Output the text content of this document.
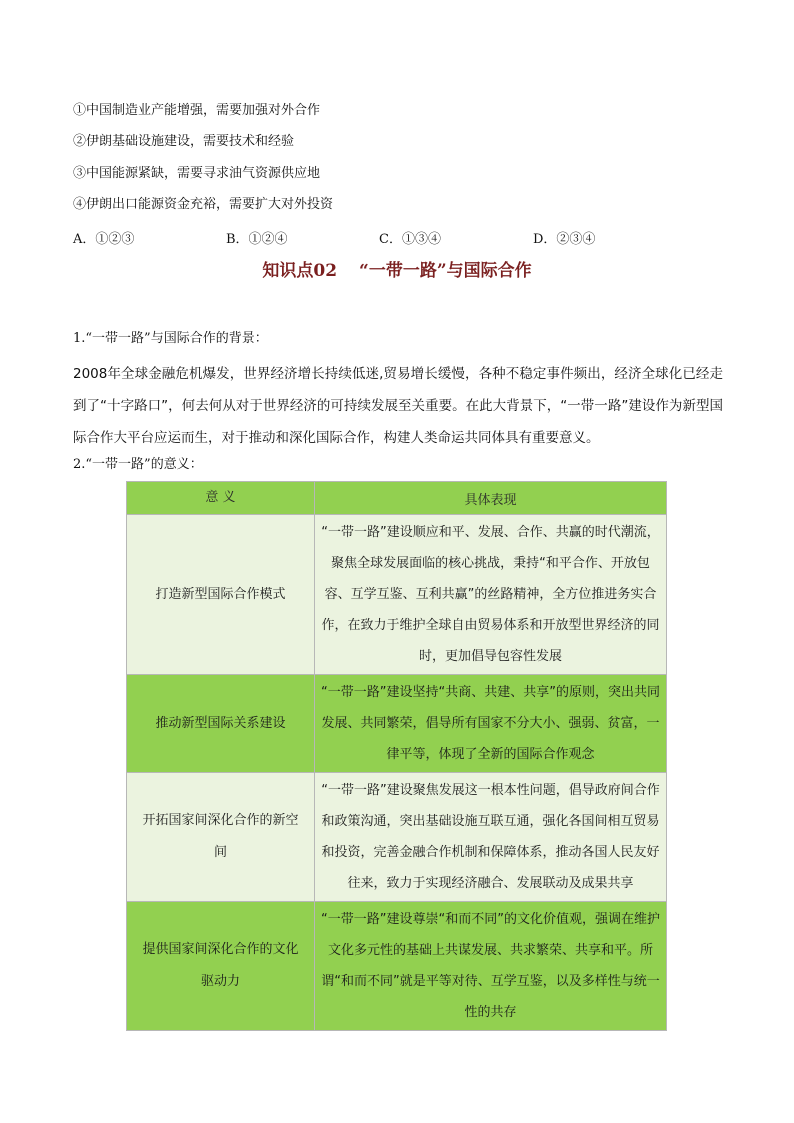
①中国制造业产能增强，需要加强对外合作
②伊朗基础设施建设，需要技术和经验
③中国能源紧缺，需要寻求油气资源供应地
④伊朗出口能源资金充裕，需要扩大对外投资
A．①②③	B．①②④	C．①③④	D．②③④
知识点02 “一带一路”与国际合作
1.“一带一路”与国际合作的背景：
2008年全球金融危机爆发，世界经济增长持续低迷,贸易增长缓慢，各种不稳定事件频出，经济全球化已经走到了“十字路口”，何去何从对于世界经济的可持续发展至关重要。在此大背景下，“一带一路”建设作为新型国际合作大平台应运而生，对于推动和深化国际合作，构建人类命运共同体具有重要意义。
2.“一带一路”的意义：
意 义	具体表现
打造新型国际合作模式	“一带一路”建设顺应和平、发展、合作、共赢的时代潮流，聚焦全球发展面临的核心挑战，秉持“和平合作、开放包容、互学互鉴、互利共赢”的丝路精神，全方位推进务实合作，在致力于维护全球自由贸易体系和开放型世界经济的同时，更加倡导包容性发展
推动新型国际关系建设	“一带一路”建设坚持“共商、共建、共享”的原则，突出共同发展、共同繁荣，倡导所有国家不分大小、强弱、贫富，一律平等，体现了全新的国际合作观念
开拓国家间深化合作的新空间	“一带一路”建设聚焦发展这一根本性问题，倡导政府间合作和政策沟通，突出基础设施互联互通，强化各国间相互贸易和投资，完善金融合作机制和保障体系，推动各国人民友好往来，致力于实现经济融合、发展联动及成果共享
提供国家间深化合作的文化驱动力	“一带一路”建设尊崇“和而不同”的文化价值观，强调在维护文化多元性的基础上共谋发展、共求繁荣、共享和平。所谓“和而不同”就是平等对待、互学互鉴，以及多样性与统一性的共存
